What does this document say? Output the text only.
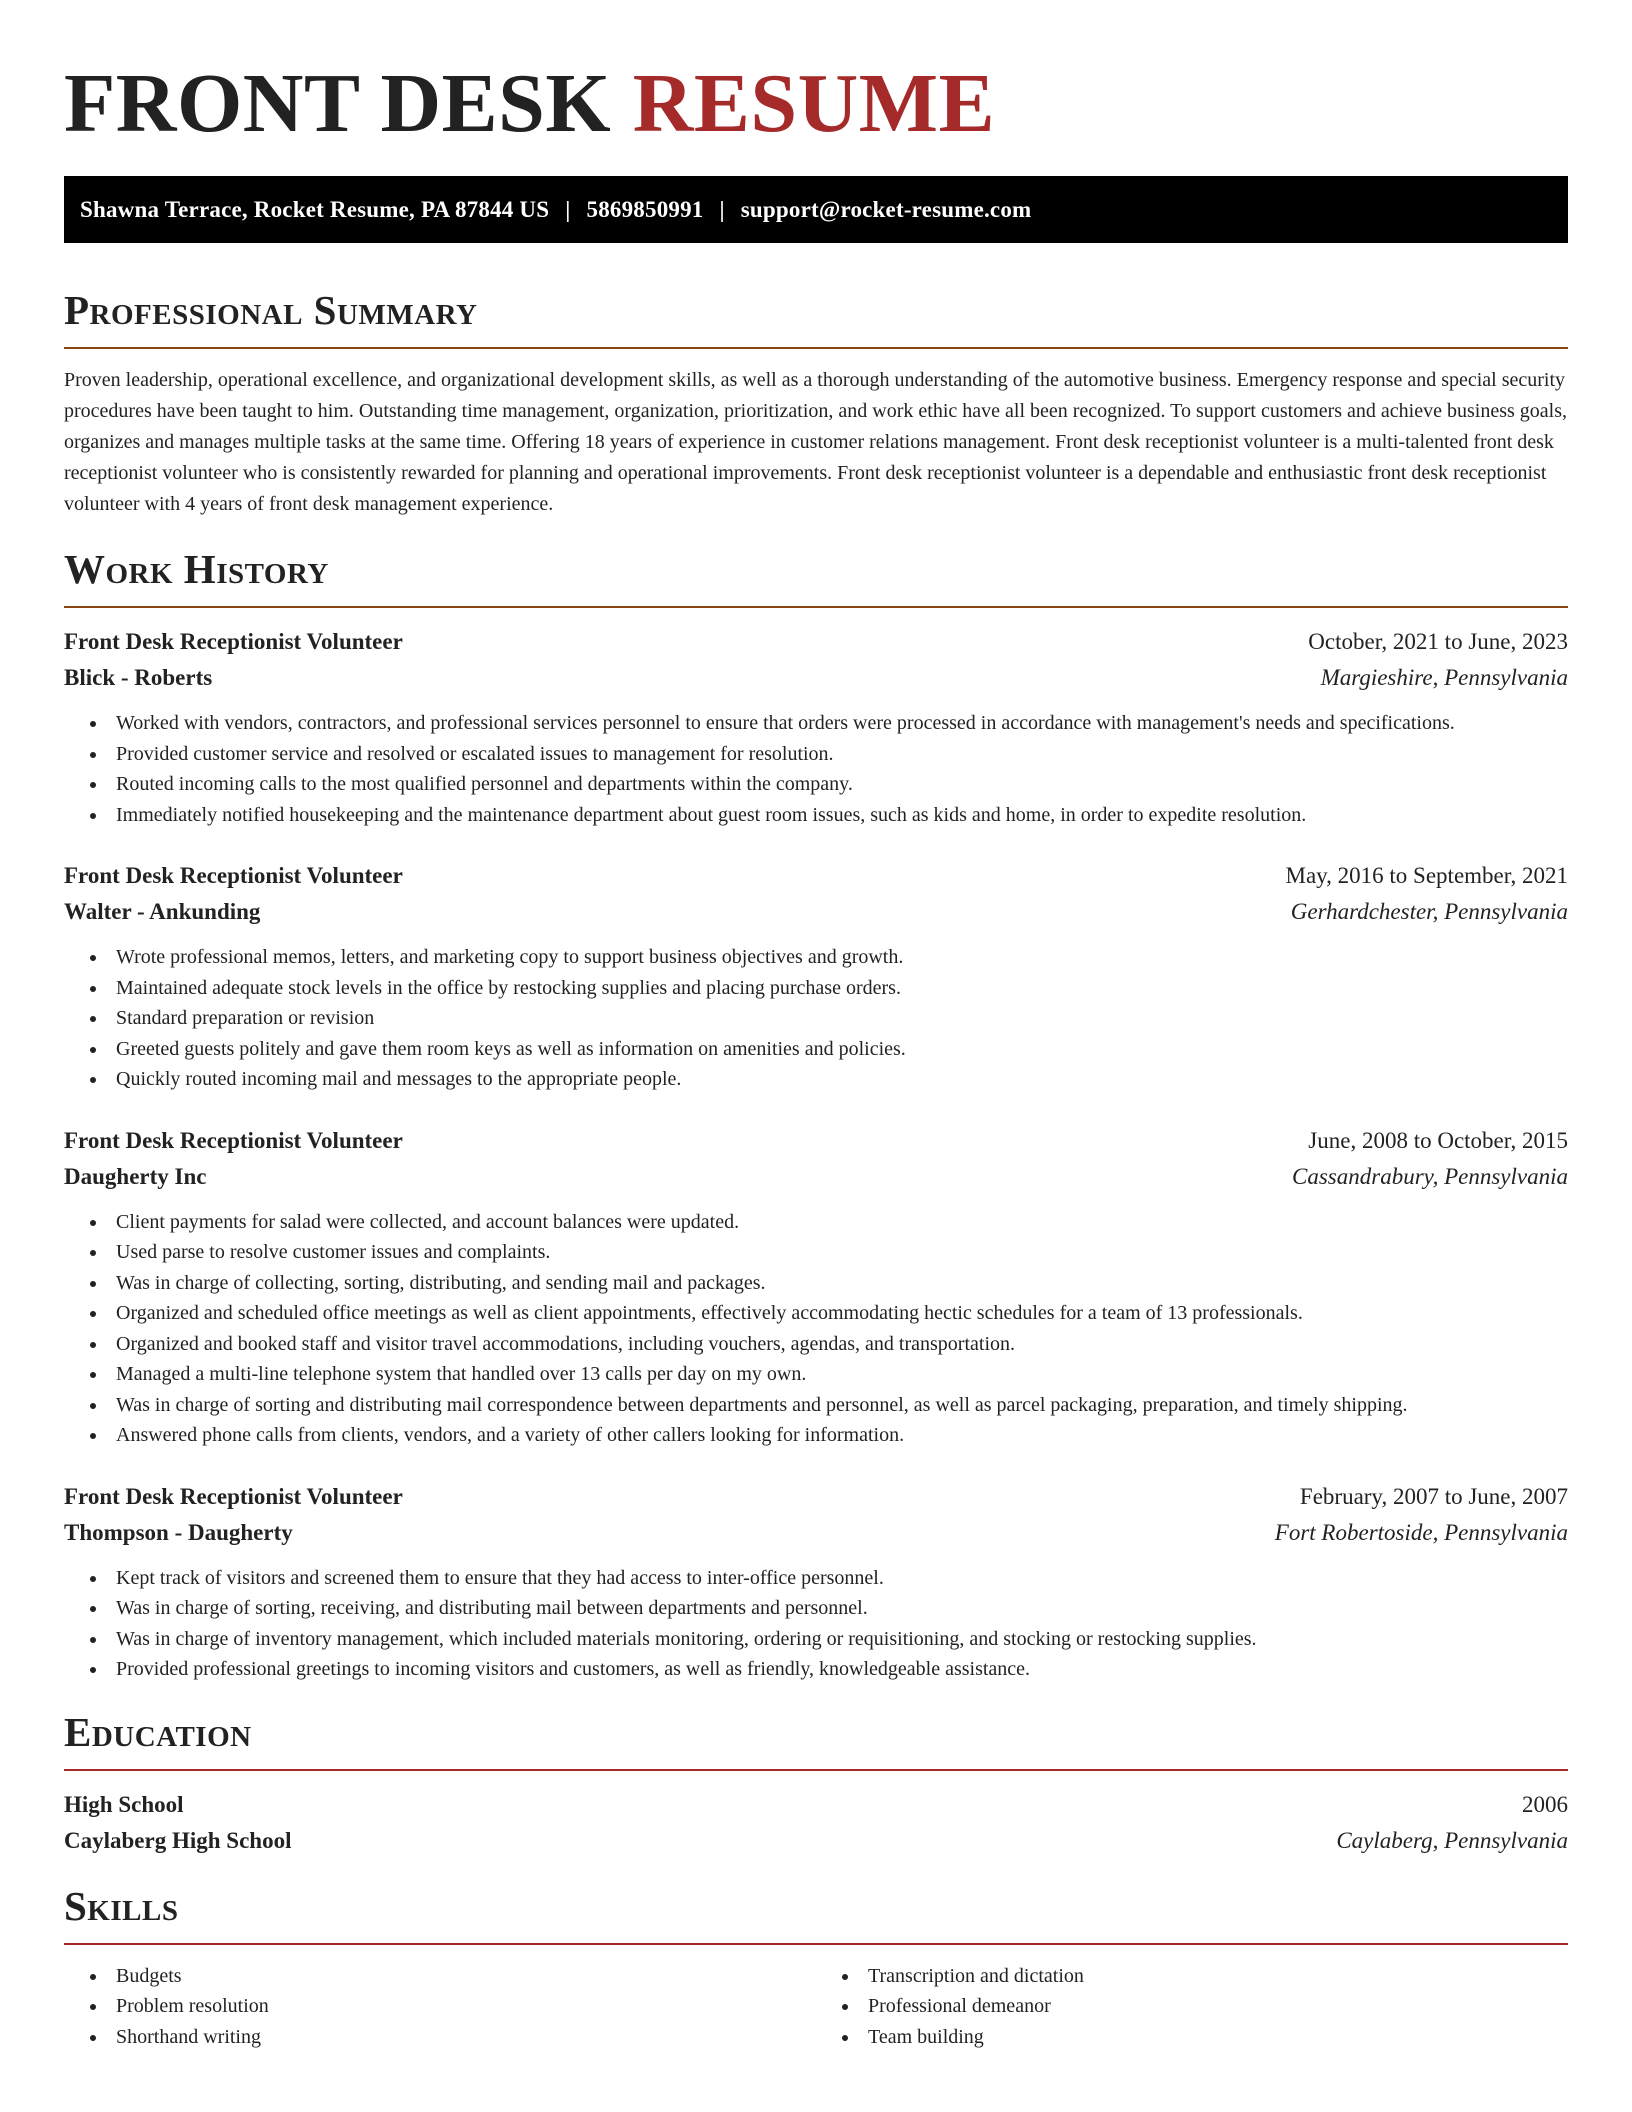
FRONT DESK RESUME
Shawna Terrace, Rocket Resume, PA 87844 US | 5869850991 | support@rocket-resume.com
Professional Summary

Proven leadership, operational excellence, and organizational development skills, as well as a thorough understanding of the automotive business. Emergency response and special security procedures have been taught to him. Outstanding time management, organization, prioritization, and work ethic have all been recognized. To support customers and achieve business goals, organizes and manages multiple tasks at the same time. Offering 18 years of experience in customer relations management. Front desk receptionist volunteer is a multi-talented front desk receptionist volunteer who is consistently rewarded for planning and operational improvements. Front desk receptionist volunteer is a dependable and enthusiastic front desk receptionist volunteer with 4 years of front desk management experience.

Work History
Front Desk Receptionist Volunteer	October, 2021 to June, 2023
Blick - Roberts	Margieshire, Pennsylvania
• Worked with vendors, contractors, and professional services personnel to ensure that orders were processed in accordance with management's needs and specifications.
• Provided customer service and resolved or escalated issues to management for resolution.
• Routed incoming calls to the most qualified personnel and departments within the company.
• Immediately notified housekeeping and the maintenance department about guest room issues, such as kids and home, in order to expedite resolution.
Front Desk Receptionist Volunteer	May, 2016 to September, 2021
Walter - Ankunding	Gerhardchester, Pennsylvania
• Wrote professional memos, letters, and marketing copy to support business objectives and growth.
• Maintained adequate stock levels in the office by restocking supplies and placing purchase orders.
• Standard preparation or revision
• Greeted guests politely and gave them room keys as well as information on amenities and policies.
• Quickly routed incoming mail and messages to the appropriate people.
Front Desk Receptionist Volunteer	June, 2008 to October, 2015
Daugherty Inc	Cassandrabury, Pennsylvania
• Client payments for salad were collected, and account balances were updated.
• Used parse to resolve customer issues and complaints.
• Was in charge of collecting, sorting, distributing, and sending mail and packages.
• Organized and scheduled office meetings as well as client appointments, effectively accommodating hectic schedules for a team of 13 professionals.
• Organized and booked staff and visitor travel accommodations, including vouchers, agendas, and transportation.
• Managed a multi-line telephone system that handled over 13 calls per day on my own.
• Was in charge of sorting and distributing mail correspondence between departments and personnel, as well as parcel packaging, preparation, and timely shipping.
• Answered phone calls from clients, vendors, and a variety of other callers looking for information.
Front Desk Receptionist Volunteer	February, 2007 to June, 2007
Thompson - Daugherty	Fort Robertoside, Pennsylvania
• Kept track of visitors and screened them to ensure that they had access to inter-office personnel.
• Was in charge of sorting, receiving, and distributing mail between departments and personnel.
• Was in charge of inventory management, which included materials monitoring, ordering or requisitioning, and stocking or restocking supplies.
• Provided professional greetings to incoming visitors and customers, as well as friendly, knowledgeable assistance.
Education
High School	2006
Caylaberg High School	Caylaberg, Pennsylvania
Skills
• Budgets
• Problem resolution
• Shorthand writing
• Transcription and dictation
• Professional demeanor
• Team building
